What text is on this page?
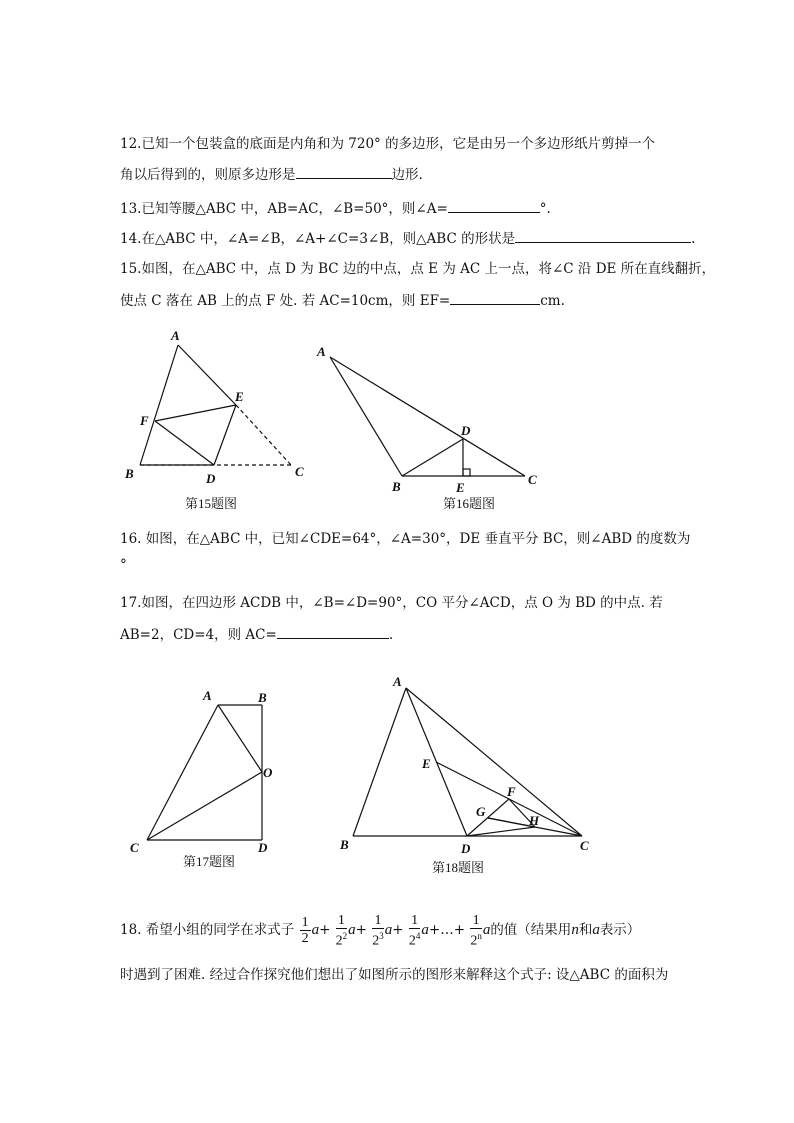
12.已知一个包装盒的底面是内角和为 720° 的多边形，它是由另一个多边形纸片剪掉一个
角以后得到的，则原多边形是	边形.
13.已知等腰△ABC 中，AB=AC，∠B=50°，则∠A=	°.
14.在△ABC 中，∠A=∠B，∠A+∠C=3∠B，则△ABC 的形状是	.
15.如图，在△ABC 中，点 D 为 BC 边的中点，点 E 为 AC 上一点，将∠C 沿 DE 所在直线翻折，
使点 C 落在 AB 上的点 F 处. 若 AC=10cm，则 EF=	cm.
A
B	C
D
E
F
第15题图
A
B	C
D
E
第16题图
A	B
C	D
O
第17题图
A
B	C
D
E
F
G
H
第18题图
16. 如图，在△ABC 中，已知∠CDE=64°，∠A=30°，DE 垂直平分 BC，则∠ABD 的度数为
°
17.如图，在四边形 ACDB 中，∠B=∠D=90°，CO 平分∠ACD，点 O 为 BD 的中点. 若
AB=2，CD=4，则 AC=	.
18. 希望小组的同学在求式子 $\frac{1}{2} a+ \frac{1}{2^2} a+ \frac{1}{2^3} a+ \frac{1}{2^4}$ a+…+ $\frac{1}{2^n}$ a的值（结果用n和a表示）
时遇到了困难. 经过合作探究他们想出了如图所示的图形来解释这个式子: 设△ABC 的面积为
